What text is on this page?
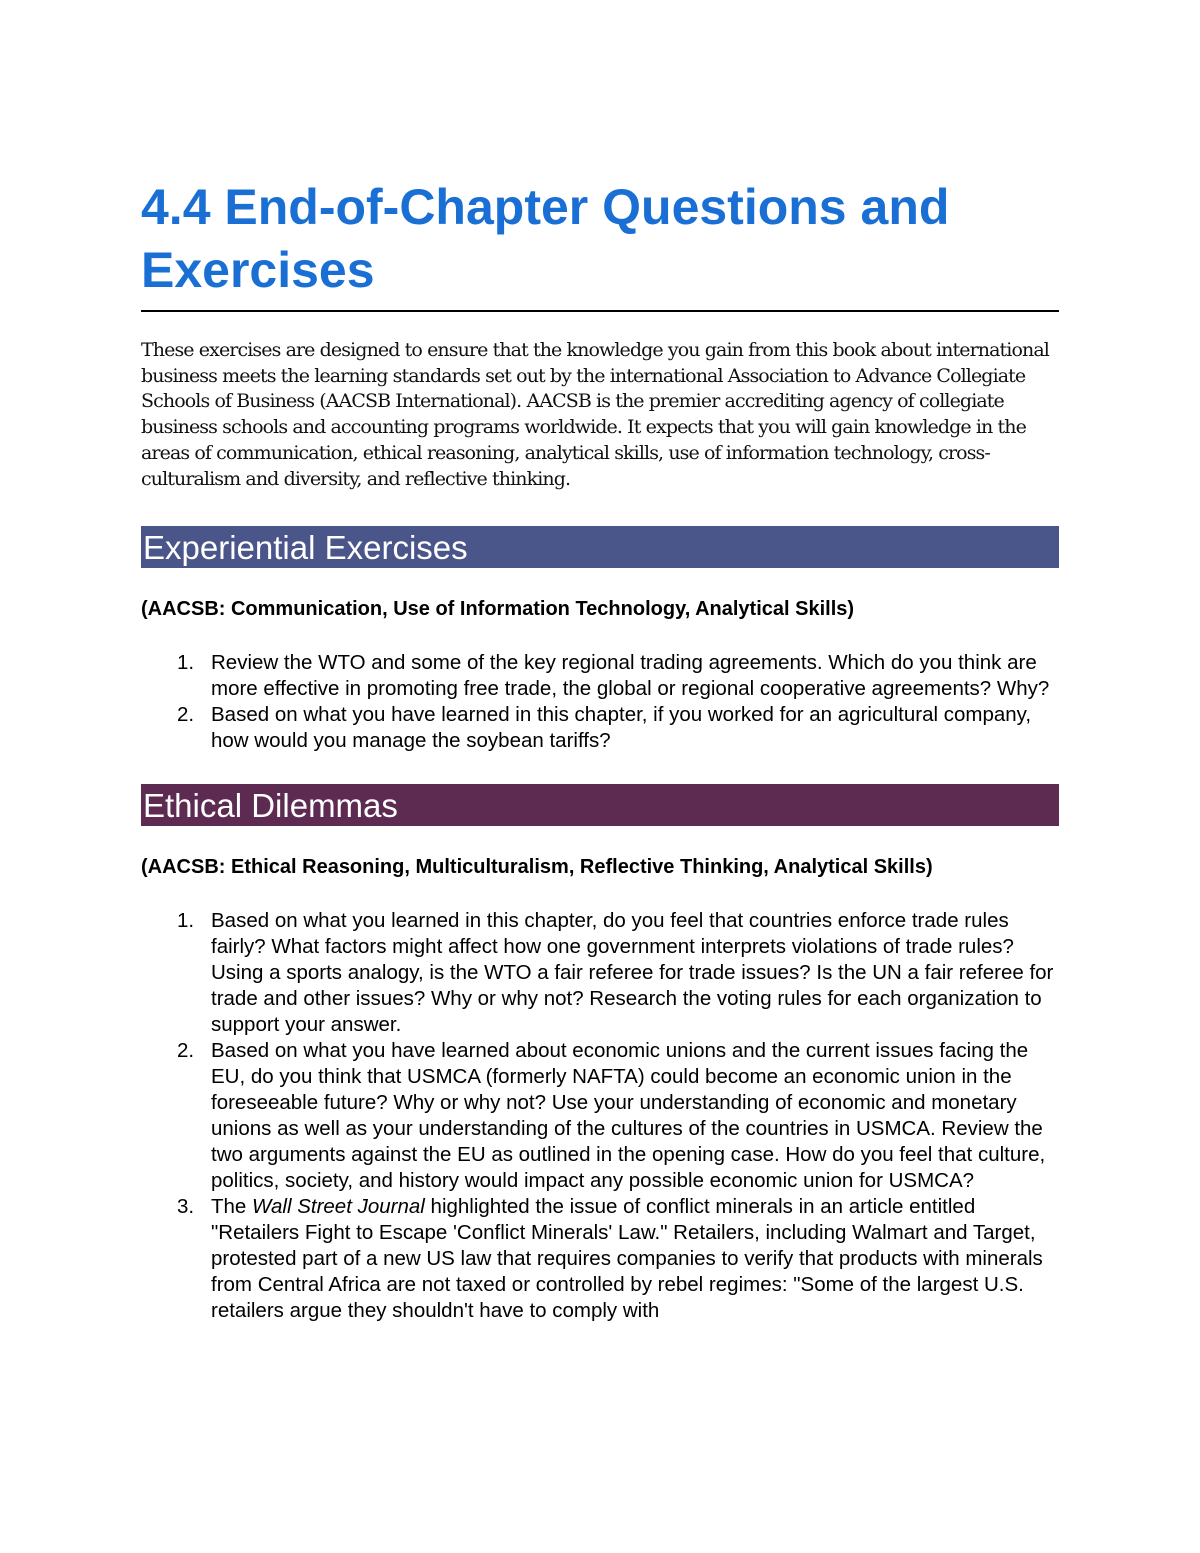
4.4 End-of-Chapter Questions and Exercises

These exercises are designed to ensure that the knowledge you gain from this book about international business meets the learning standards set out by the international Association to Advance Collegiate Schools of Business (AACSB International). AACSB is the premier accrediting agency of collegiate business schools and accounting programs worldwide. It expects that you will gain knowledge in the areas of communication, ethical reasoning, analytical skills, use of information technology, cross-culturalism and diversity, and reflective thinking.

Experiential Exercises
(AACSB: Communication, Use of Information Technology, Analytical Skills)
1. Review the WTO and some of the key regional trading agreements. Which do you think are more effective in promoting free trade, the global or regional cooperative agreements? Why?
2. Based on what you have learned in this chapter, if you worked for an agricultural company, how would you manage the soybean tariffs?
Ethical Dilemmas
(AACSB: Ethical Reasoning, Multiculturalism, Reflective Thinking, Analytical Skills)
1. Based on what you learned in this chapter, do you feel that countries enforce trade rules fairly? What factors might affect how one government interprets violations of trade rules? Using a sports analogy, is the WTO a fair referee for trade issues? Is the UN a fair referee for trade and other issues? Why or why not? Research the voting rules for each organization to support your answer.
2. Based on what you have learned about economic unions and the current issues facing the EU, do you think that USMCA (formerly NAFTA) could become an economic union in the foreseeable future? Why or why not? Use your understanding of economic and monetary unions as well as your understanding of the cultures of the countries in USMCA. Review the two arguments against the EU as outlined in the opening case. How do you feel that culture, politics, society, and history would impact any possible economic union for USMCA?
3. The Wall Street Journal highlighted the issue of conflict minerals in an article entitled "Retailers Fight to Escape 'Conflict Minerals' Law." Retailers, including Walmart and Target, protested part of a new US law that requires companies to verify that products with minerals from Central Africa are not taxed or controlled by rebel regimes: "Some of the largest U.S. retailers argue they shouldn't have to comply with
